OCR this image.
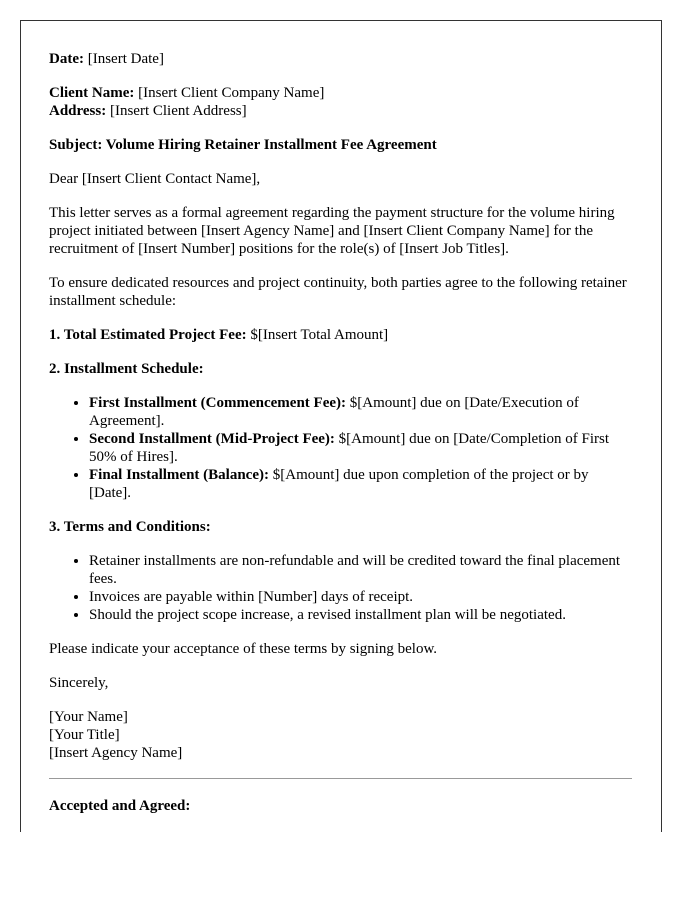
Date: [Insert Date]

Client Name: [Insert Client Company Name]
Address: [Insert Client Address]

Subject: Volume Hiring Retainer Installment Fee Agreement

Dear [Insert Client Contact Name],

This letter serves as a formal agreement regarding the payment structure for the volume hiring project initiated between [Insert Agency Name] and [Insert Client Company Name] for the recruitment of [Insert Number] positions for the role(s) of [Insert Job Titles].

To ensure dedicated resources and project continuity, both parties agree to the following retainer installment schedule:

1. Total Estimated Project Fee: $[Insert Total Amount]

2. Installment Schedule:

• First Installment (Commencement Fee): $[Amount] due on [Date/Execution of Agreement].
• Second Installment (Mid-Project Fee): $[Amount] due on [Date/Completion of First 50% of Hires].
• Final Installment (Balance): $[Amount] due upon completion of the project or by [Date].

3. Terms and Conditions:

• Retainer installments are non-refundable and will be credited toward the final placement fees.
• Invoices are payable within [Number] days of receipt.
• Should the project scope increase, a revised installment plan will be negotiated.

Please indicate your acceptance of these terms by signing below.

Sincerely,

[Your Name]
[Your Title]
[Insert Agency Name]

Accepted and Agreed:
